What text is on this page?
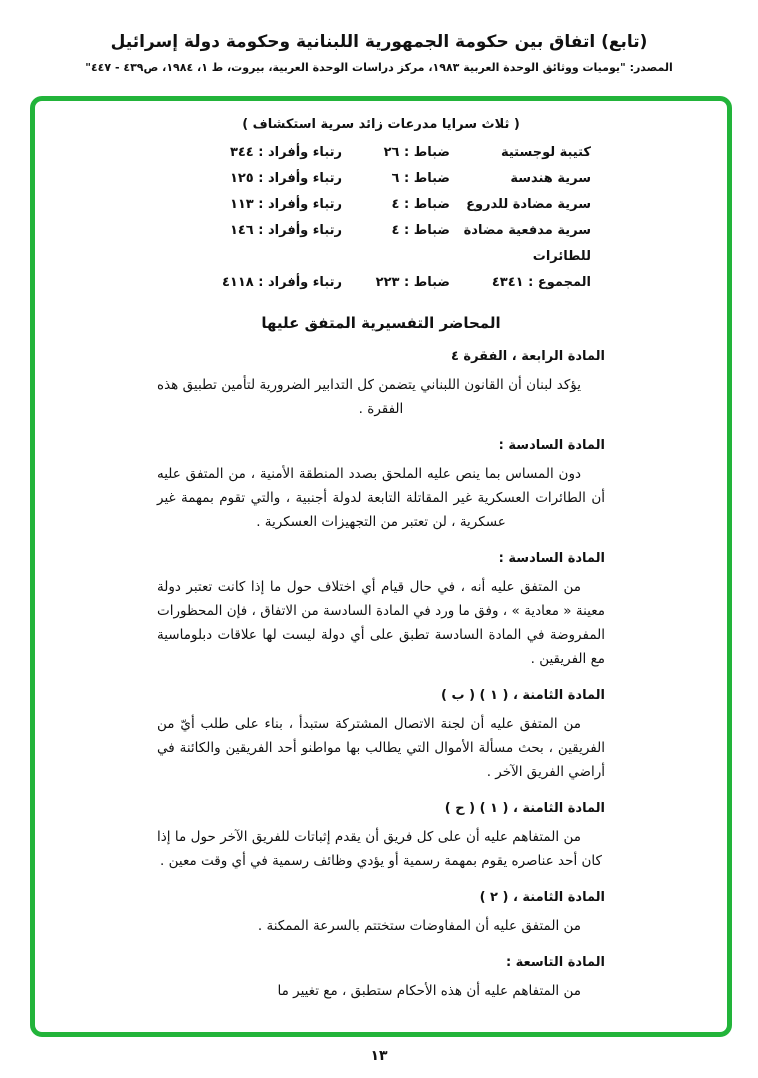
(تابع) اتفاق بين حكومة الجمهورية اللبنانية وحكومة دولة إسرائيل
المصدر: "يوميات ووثائق الوحدة العربية ١٩٨٣، مركز دراسات الوحدة العربية، بيروت، ط ١، ١٩٨٤، ص٤٣٩ - ٤٤٧"
( ثلاث سرايا مدرعات زائد سرية استكشاف )
كتيبة لوجستية
ضباط : ٢٦
رتباء وأفراد : ٣٤٤
سرية هندسة
ضباط : ٦
رتباء وأفراد : ١٢٥
سرية مضادة للدروع
ضباط : ٤
رتباء وأفراد : ١١٣
سرية مدفعية مضادة
ضباط : ٤
رتباء وأفراد : ١٤٦
للطائرات
المجموع : ٤٣٤١
ضباط : ٢٢٣
رتباء وأفراد : ٤١١٨
المحاضر التفسيرية المتفق عليها
المادة الرابعة ، الفقرة ٤

يؤكد لبنان أن القانون اللبناني يتضمن كل التدابير الضرورية لتأمين تطبيق هذه الفقرة .

المادة السادسة :

دون المساس بما ينص عليه الملحق بصدد المنطقة الأمنية ، من المتفق عليه أن الطائرات العسكرية غير المقاتلة التابعة لدولة أجنبية ، والتي تقوم بمهمة غير عسكرية ، لن تعتبر من التجهيزات العسكرية .

المادة السادسة :

من المتفق عليه أنه ، في حال قيام أي اختلاف حول ما إذا كانت تعتبر دولة معينة « معادية » ، وفق ما ورد في المادة السادسة من الاتفاق ، فإن المحظورات المفروضة في المادة السادسة تطبق على أي دولة ليست لها علاقات دبلوماسية مع الفريقين .

المادة الثامنة ، ( ١ ) ( ب )

من المتفق عليه أن لجنة الاتصال المشتركة ستبدأ ، بناء على طلب أيّ من الفريقين ، بحث مسألة الأموال التي يطالب بها مواطنو أحد الفريقين والكائنة في أراضي الفريق الآخر .

المادة الثامنة ، ( ١ ) ( ح )

من المتفاهم عليه أن على كل فريق أن يقدم إثباتات للفريق الآخر حول ما إذا كان أحد عناصره يقوم بمهمة رسمية أو يؤدي وظائف رسمية في أي وقت معين .

المادة الثامنة ، ( ٢ )

من المتفق عليه أن المفاوضات ستختتم بالسرعة الممكنة .

المادة التاسعة :

من المتفاهم عليه أن هذه الأحكام ستطبق ، مع تغيير ما

١٣
